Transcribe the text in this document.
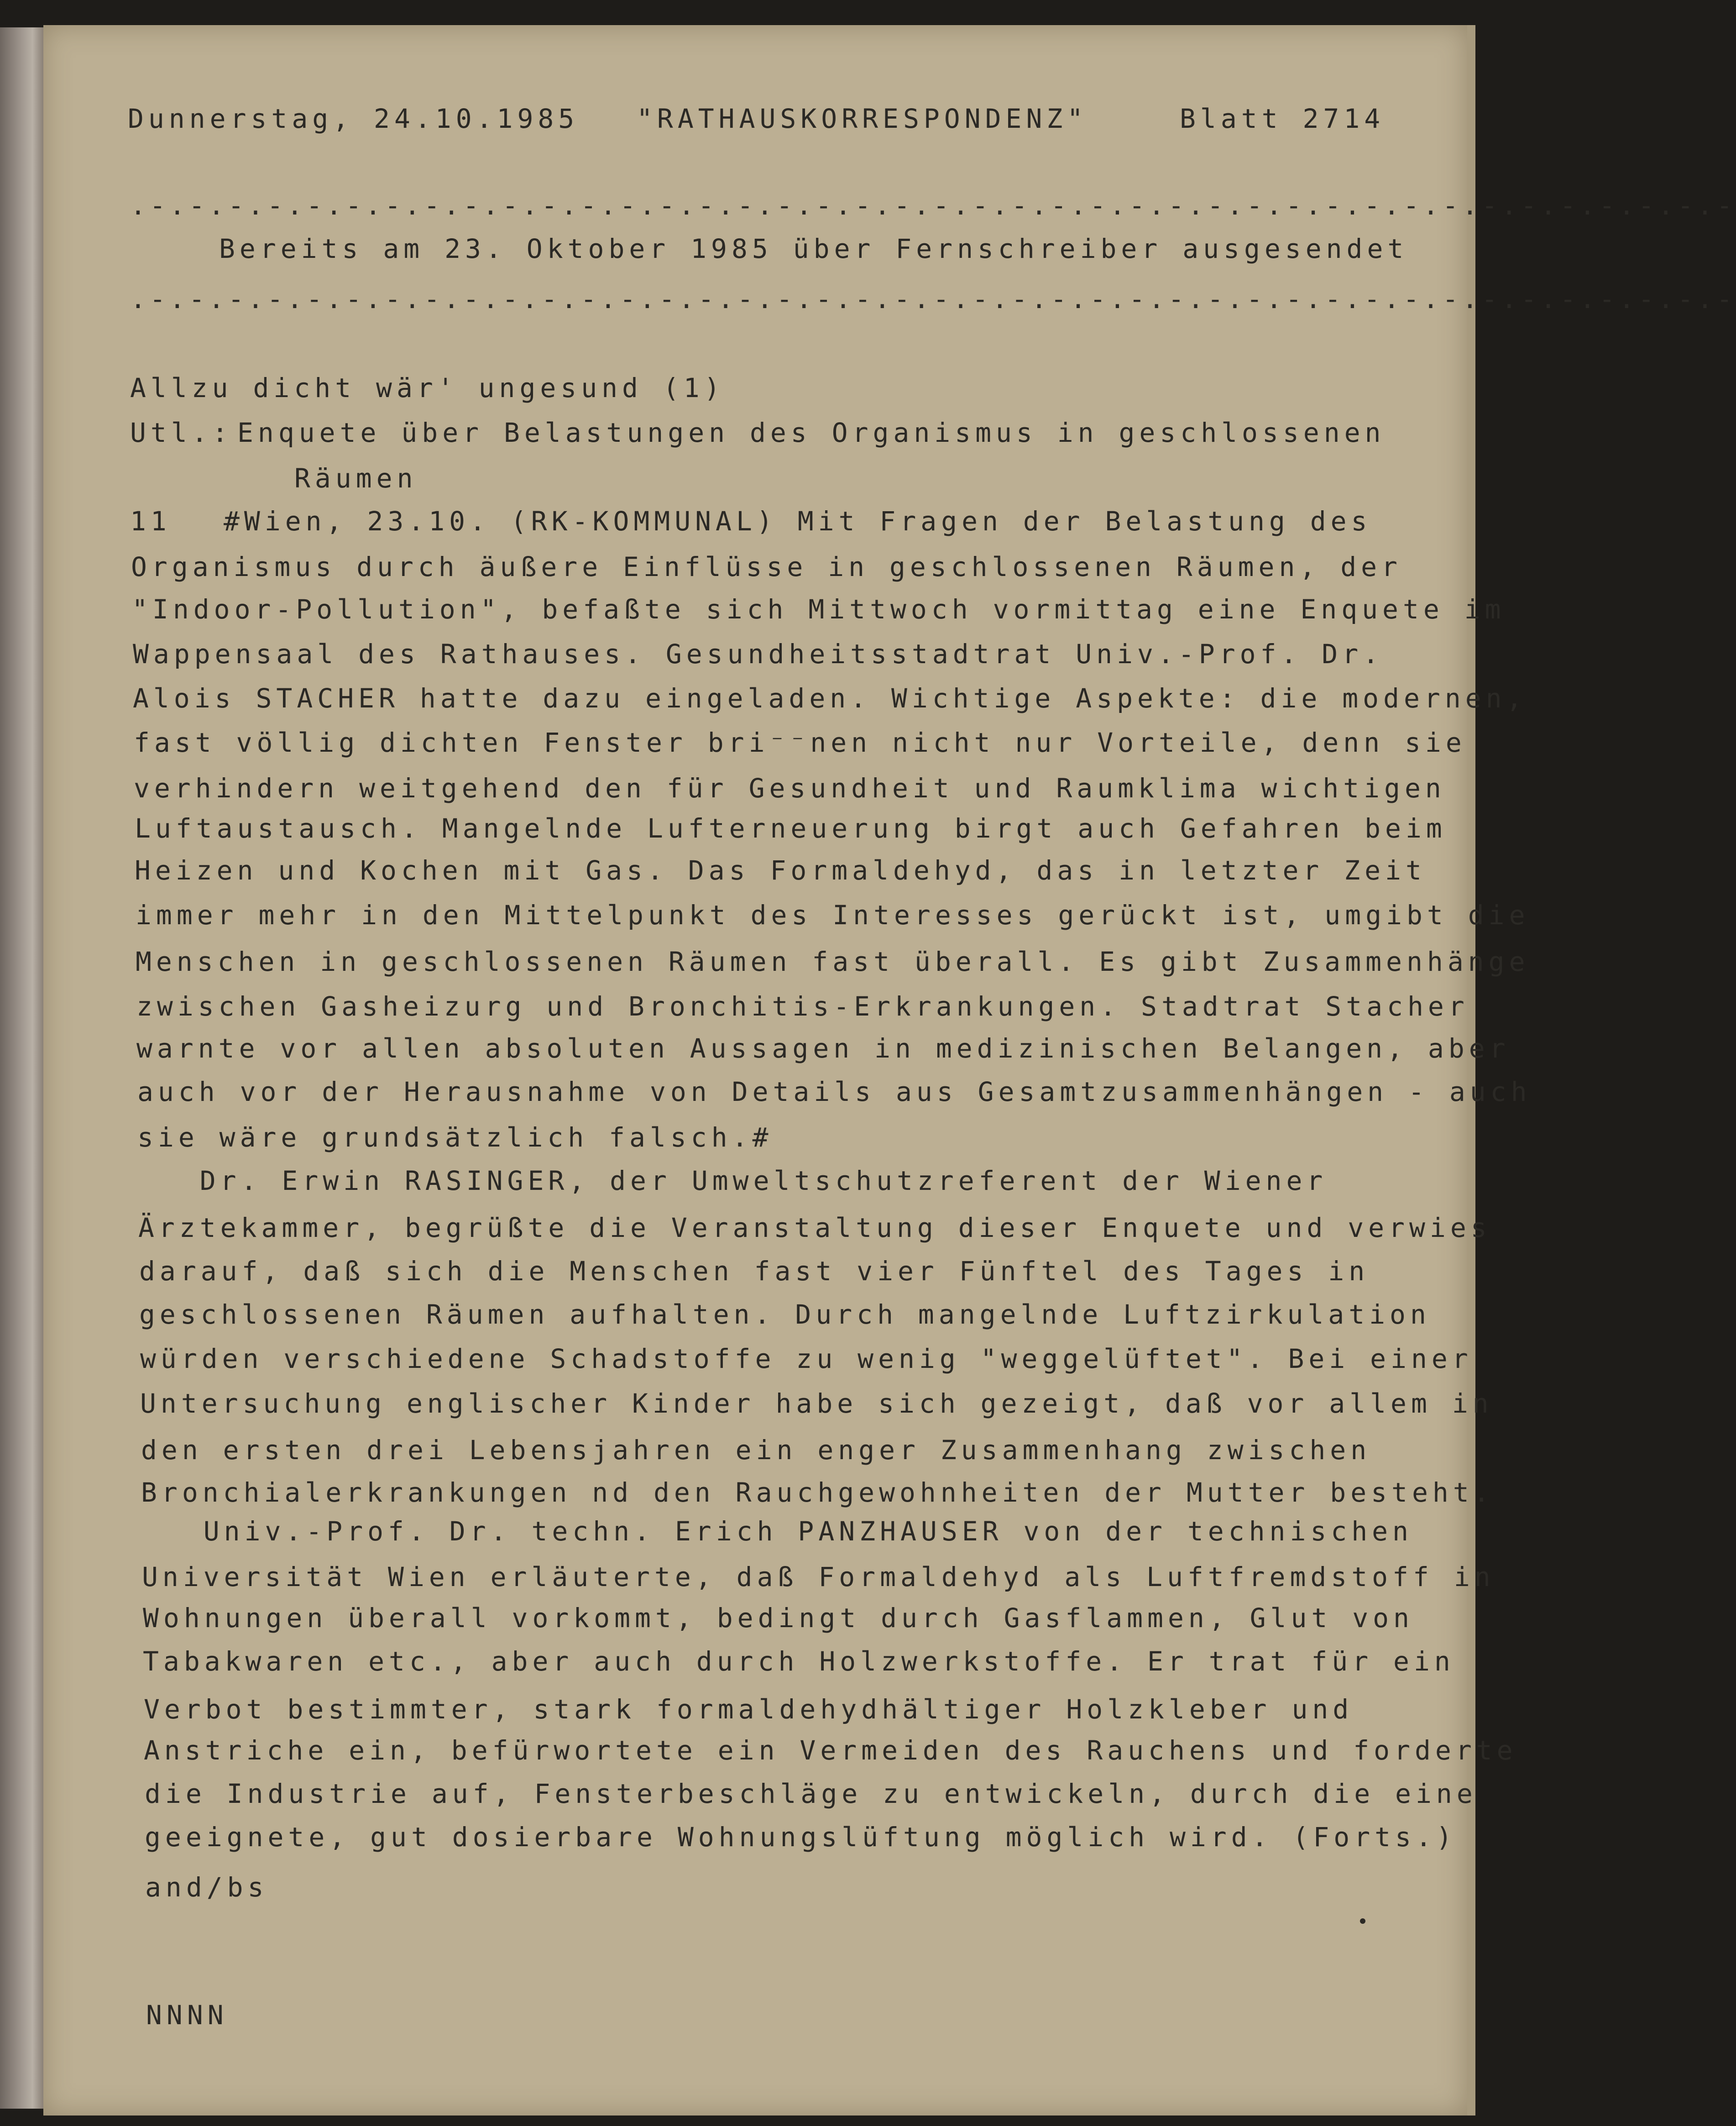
Dunnerstag, 24.10.1985 "RATHAUSKORRESPONDENZ"	Blatt 2714

.-.-.-.-.-.-.-.-.-.-.-.-.-.-.-.-.-.-.-.-.-.-.-.-.-.-.-.-.-.-.-.-.-.-.-.-.-.-.-.-.-

Bereits am 23. Oktober 1985 über Fernschreiber ausgesendet

.-.-.-.-.-.-.-.-.-.-.-.-.-.-.-.-.-.-.-.-.-.-.-.-.-.-.-.-.-.-.-.-.-.-.-.-.-.-.-.-.-

Allzu dicht wär' ungesund (1)

Utl.: Enquete über Belastungen des Organismus in geschlossenen

Räumen

11 #Wien, 23.10. (RK-KOMMUNAL) Mit Fragen der Belastung des

Organismus durch äußere Einflüsse in geschlossenen Räumen, der

"Indoor-Pollution", befaßte sich Mittwoch vormittag eine Enquete im

Wappensaal des Rathauses. Gesundheitsstadtrat Univ.-Prof. Dr.

Alois STACHER hatte dazu eingeladen. Wichtige Aspekte: die modernen,

fast völlig dichten Fenster bri⁻⁻nen nicht nur Vorteile, denn sie

verhindern weitgehend den für Gesundheit und Raumklima wichtigen

Luftaustausch. Mangelnde Lufterneuerung birgt auch Gefahren beim

Heizen und Kochen mit Gas. Das Formaldehyd, das in letzter Zeit

immer mehr in den Mittelpunkt des Interesses gerückt ist, umgibt die

Menschen in geschlossenen Räumen fast überall. Es gibt Zusammenhänge

zwischen Gasheizurg und Bronchitis-Erkrankungen. Stadtrat Stacher

warnte vor allen absoluten Aussagen in medizinischen Belangen, aber

auch vor der Herausnahme von Details aus Gesamtzusammenhängen - auch

sie wäre grundsätzlich falsch.#

Dr. Erwin RASINGER, der Umweltschutzreferent der Wiener

Ärztekammer, begrüßte die Veranstaltung dieser Enquete und verwies

darauf, daß sich die Menschen fast vier Fünftel des Tages in

geschlossenen Räumen aufhalten. Durch mangelnde Luftzirkulation

würden verschiedene Schadstoffe zu wenig "weggelüftet". Bei einer

Untersuchung englischer Kinder habe sich gezeigt, daß vor allem in

den ersten drei Lebensjahren ein enger Zusammenhang zwischen

Bronchialerkrankungen nd den Rauchgewohnheiten der Mutter besteht.

Univ.-Prof. Dr. techn. Erich PANZHAUSER von der technischen

Universität Wien erläuterte, daß Formaldehyd als Luftfremdstoff in

Wohnungen überall vorkommt, bedingt durch Gasflammen, Glut von

Tabakwaren etc., aber auch durch Holzwerkstoffe. Er trat für ein

Verbot bestimmter, stark formaldehydhältiger Holzkleber und

Anstriche ein, befürwortete ein Vermeiden des Rauchens und forderte

die Industrie auf, Fensterbeschläge zu entwickeln, durch die eine

geeignete, gut dosierbare Wohnungslüftung möglich wird. (Forts.)

and/bs

NNNN
